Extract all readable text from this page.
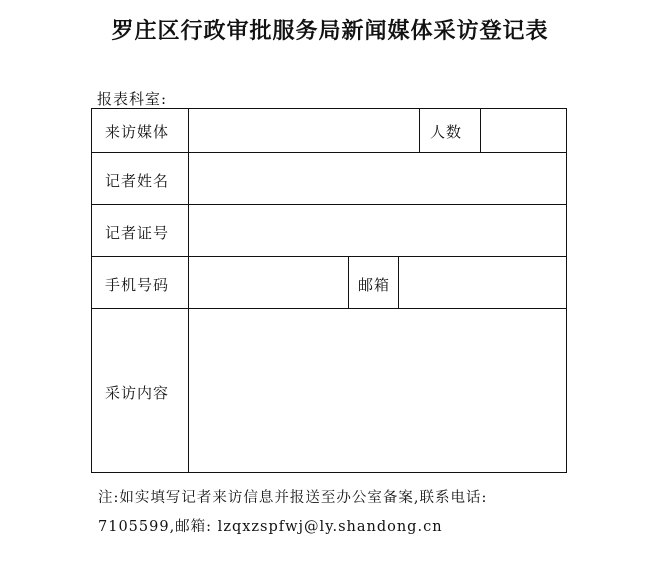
罗庄区行政审批服务局新闻媒体采访登记表
报表科室:
来访媒体	人数
记者姓名
记者证号
手机号码	邮箱
采访内容
注:如实填写记者来访信息并报送至办公室备案,联系电话:
7105599,邮箱: lzqxzspfwj@ly.shandong.cn
